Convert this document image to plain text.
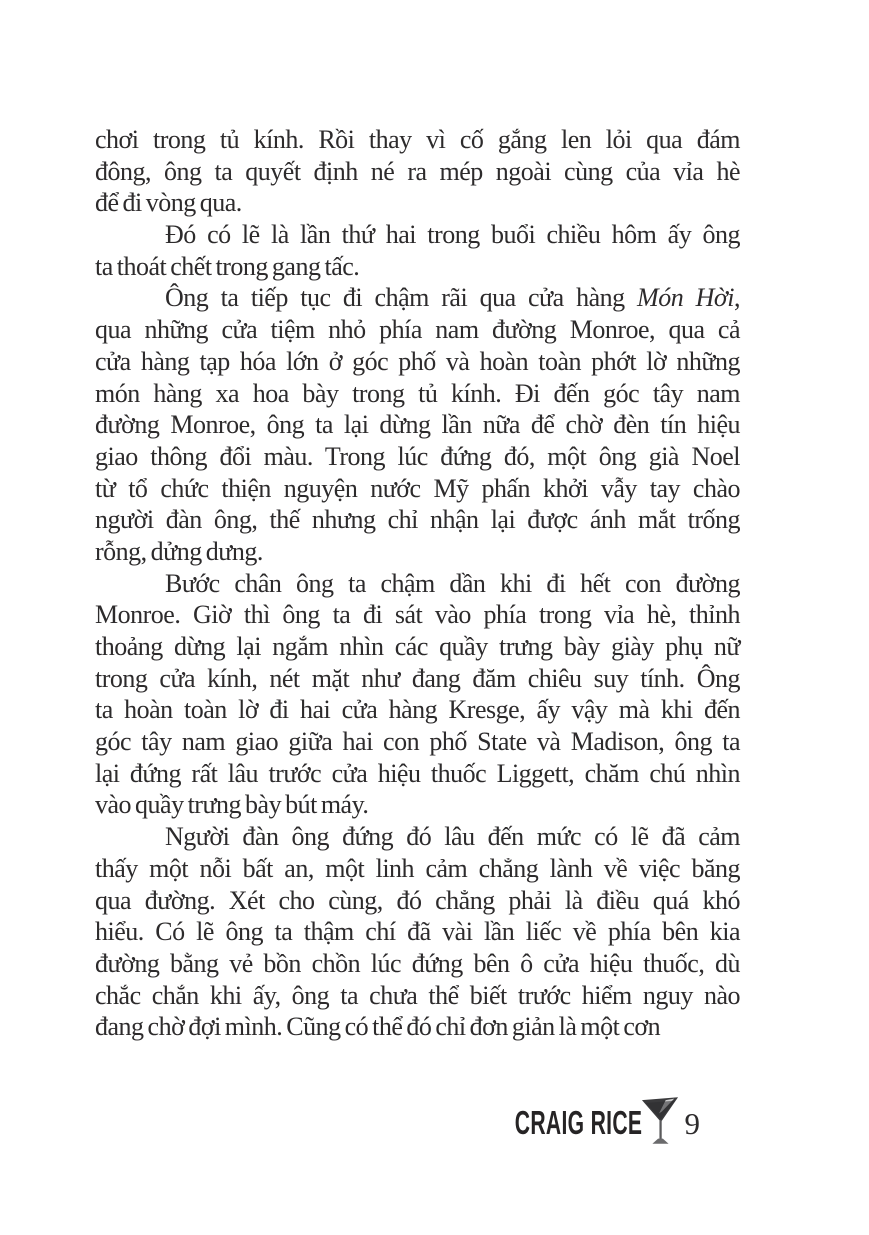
chơi trong tủ kính. Rồi thay vì cố gắng len lỏi qua đám
đông, ông ta quyết định né ra mép ngoài cùng của vỉa hè
để đi vòng qua.
Đó có lẽ là lần thứ hai trong buổi chiều hôm ấy ông
ta thoát chết trong gang tấc.
Ông ta tiếp tục đi chậm rãi qua cửa hàng Món Hời,
qua những cửa tiệm nhỏ phía nam đường Monroe, qua cả
cửa hàng tạp hóa lớn ở góc phố và hoàn toàn phớt lờ những
món hàng xa hoa bày trong tủ kính. Đi đến góc tây nam
đường Monroe, ông ta lại dừng lần nữa để chờ đèn tín hiệu
giao thông đổi màu. Trong lúc đứng đó, một ông già Noel
từ tổ chức thiện nguyện nước Mỹ phấn khởi vẫy tay chào
người đàn ông, thế nhưng chỉ nhận lại được ánh mắt trống
rỗng, dửng dưng.
Bước chân ông ta chậm dần khi đi hết con đường
Monroe. Giờ thì ông ta đi sát vào phía trong vỉa hè, thỉnh
thoảng dừng lại ngắm nhìn các quầy trưng bày giày phụ nữ
trong cửa kính, nét mặt như đang đăm chiêu suy tính. Ông
ta hoàn toàn lờ đi hai cửa hàng Kresge, ấy vậy mà khi đến
góc tây nam giao giữa hai con phố State và Madison, ông ta
lại đứng rất lâu trước cửa hiệu thuốc Liggett, chăm chú nhìn
vào quầy trưng bày bút máy.
Người đàn ông đứng đó lâu đến mức có lẽ đã cảm
thấy một nỗi bất an, một linh cảm chẳng lành về việc băng
qua đường. Xét cho cùng, đó chẳng phải là điều quá khó
hiểu. Có lẽ ông ta thậm chí đã vài lần liếc về phía bên kia
đường bằng vẻ bồn chồn lúc đứng bên ô cửa hiệu thuốc, dù
chắc chắn khi ấy, ông ta chưa thể biết trước hiểm nguy nào
đang chờ đợi mình. Cũng có thể đó chỉ đơn giản là một cơn
CRAIG RICE 9
